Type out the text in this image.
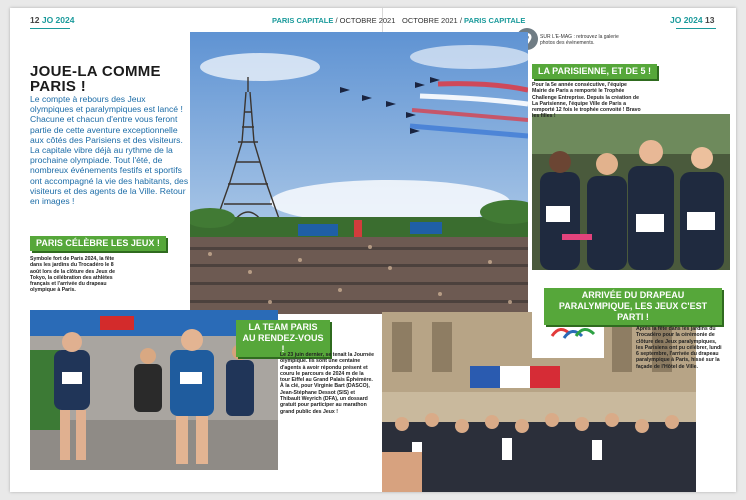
12 JO 2024	PARIS CAPITALE / OCTOBRE 2021 OCTOBRE 2021 / PARIS CAPITALE	JO 2024 13
SUR L'E-MAG : retrouvez la galerie photos des événements.
JOUE-LA COMME PARIS !
Le compte à rebours des Jeux olympiques et paralympiques est lancé ! Chacune et chacun d'entre vous feront partie de cette aventure exceptionnelle aux côtés des Parisiens et des visiteurs. La capitale vibre déjà au rythme de la prochaine olympiade. Tout l'été, de nombreux événements festifs et sportifs ont accompagné la vie des habitants, des visiteurs et des agents de la Ville. Retour en images !
PARIS CÉLÈBRE LES JEUX !
Symbole fort de Paris 2024, la fête dans les jardins du Trocadéro le 8 août lors de la clôture des Jeux de Tokyo, la célébration des athlètes français et l'arrivée du drapeau olympique à Paris.
LA PARISIENNE, ET DE 5 !
Pour la 5e année consécutive, l'équipe Mairie de Paris a remporté le Trophée Challenge Entreprise. Depuis la création de La Parisienne, l'équipe Ville de Paris a remporté 12 fois le trophée convoité ! Bravo les filles !
LA TEAM PARIS AU RENDEZ-VOUS !
Le 23 juin dernier, se tenait la Journée olympique. Ils sont une centaine d'agents à avoir répondu présent et couru le parcours de 2024 m de la tour Eiffel au Grand Palais Éphémère. À la clé, pour Virginie Bart (DASCO), Jean-Stéphane Dessot (SIS) et Thibault Weyrich (DFA), un dossard gratuit pour participer au marathon grand public des Jeux !
ARRIVÉE DU DRAPEAU PARALYMPIQUE, LES JEUX C'EST PARTI !
Après la fête dans les jardins du Trocadéro pour la cérémonie de clôture des Jeux paralympiques, les Parisiens ont pu célébrer, lundi 6 septembre, l'arrivée du drapeau paralympique à Paris, hissé sur la façade de l'Hôtel de Ville.
